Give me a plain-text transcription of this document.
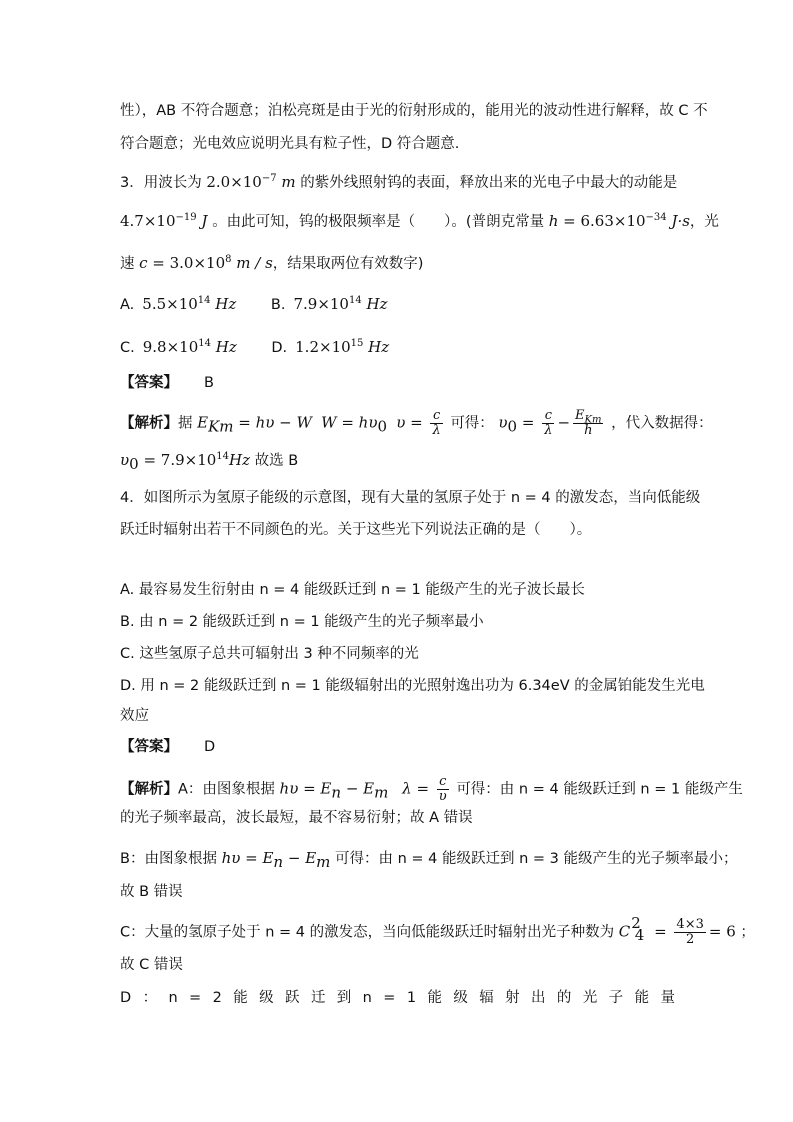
性），AB 不符合题意；泊松亮斑是由于光的衍射形成的，能用光的波动性进行解释，故 C 不
符合题意；光电效应说明光具有粒子性，D 符合题意.
3．用波长为 $2.0\times 10^{-7}$ m 的紫外线照射钨的表面，释放出来的光电子中最大的动能是
$4.7\times 10^{-19}$ J 。由此可知，钨的极限频率是（　　）。(普朗克常量 $h = 6.63\times 10^{-34}$ J·s，光
速 $c = 3.0\times 10^8$ m / s，结果取两位有效数字)
A. $5.5\times 10^{14}$ Hz B. $7.9\times 10^{14}$ Hz
C. $9.8\times 10^{14}$ Hz D. $1.2\times 10^{15}$ Hz
【答案】 B
【解析】据 $E_{Km} = h\upsilon - W$ $W = h\upsilon_0$ $\upsilon = \frac{c}{\lambda}$ 可得： $\upsilon_0 = \frac{c}{\lambda} - \frac{E_{Km}}{h}$ ，代入数据得：
$\upsilon_0 = 7.9\times 10^{14}Hz$ 故选 B
4．如图所示为氢原子能级的示意图，现有大量的氢原子处于 n = 4 的激发态，当向低能级
跃迁时辐射出若干不同颜色的光。关于这些光下列说法正确的是（　　）。
A. 最容易发生衍射由 n = 4 能级跃迁到 n = 1 能级产生的光子波长最长
B. 由 n = 2 能级跃迁到 n = 1 能级产生的光子频率最小
C. 这些氢原子总共可辐射出 3 种不同频率的光
D. 用 n = 2 能级跃迁到 n = 1 能级辐射出的光照射逸出功为 6.34eV 的金属铂能发生光电
效应
【答案】 D
【解析】A：由图象根据 $h\upsilon = E_n - E_m$ $\lambda = \frac{c}{\upsilon}$ 可得：由 n = 4 能级跃迁到 n = 1 能级产生
的光子频率最高，波长最短，最不容易衍射；故 A 错误
B：由图象根据 $h\upsilon = E_n - E_m$ 可得：由 n = 4 能级跃迁到 n = 3 能级产生的光子频率最小；
故 B 错误
C：大量的氢原子处于 n = 4 的激发态，当向低能级跃迁时辐射出光子种数为 $C_{24} = \frac{4\times 3}{2} = 6$ ；
故 C 错误
D ： n = 2 能 级 跃 迁 到 n = 1 能 级 辐 射 出 的 光 子 能 量
